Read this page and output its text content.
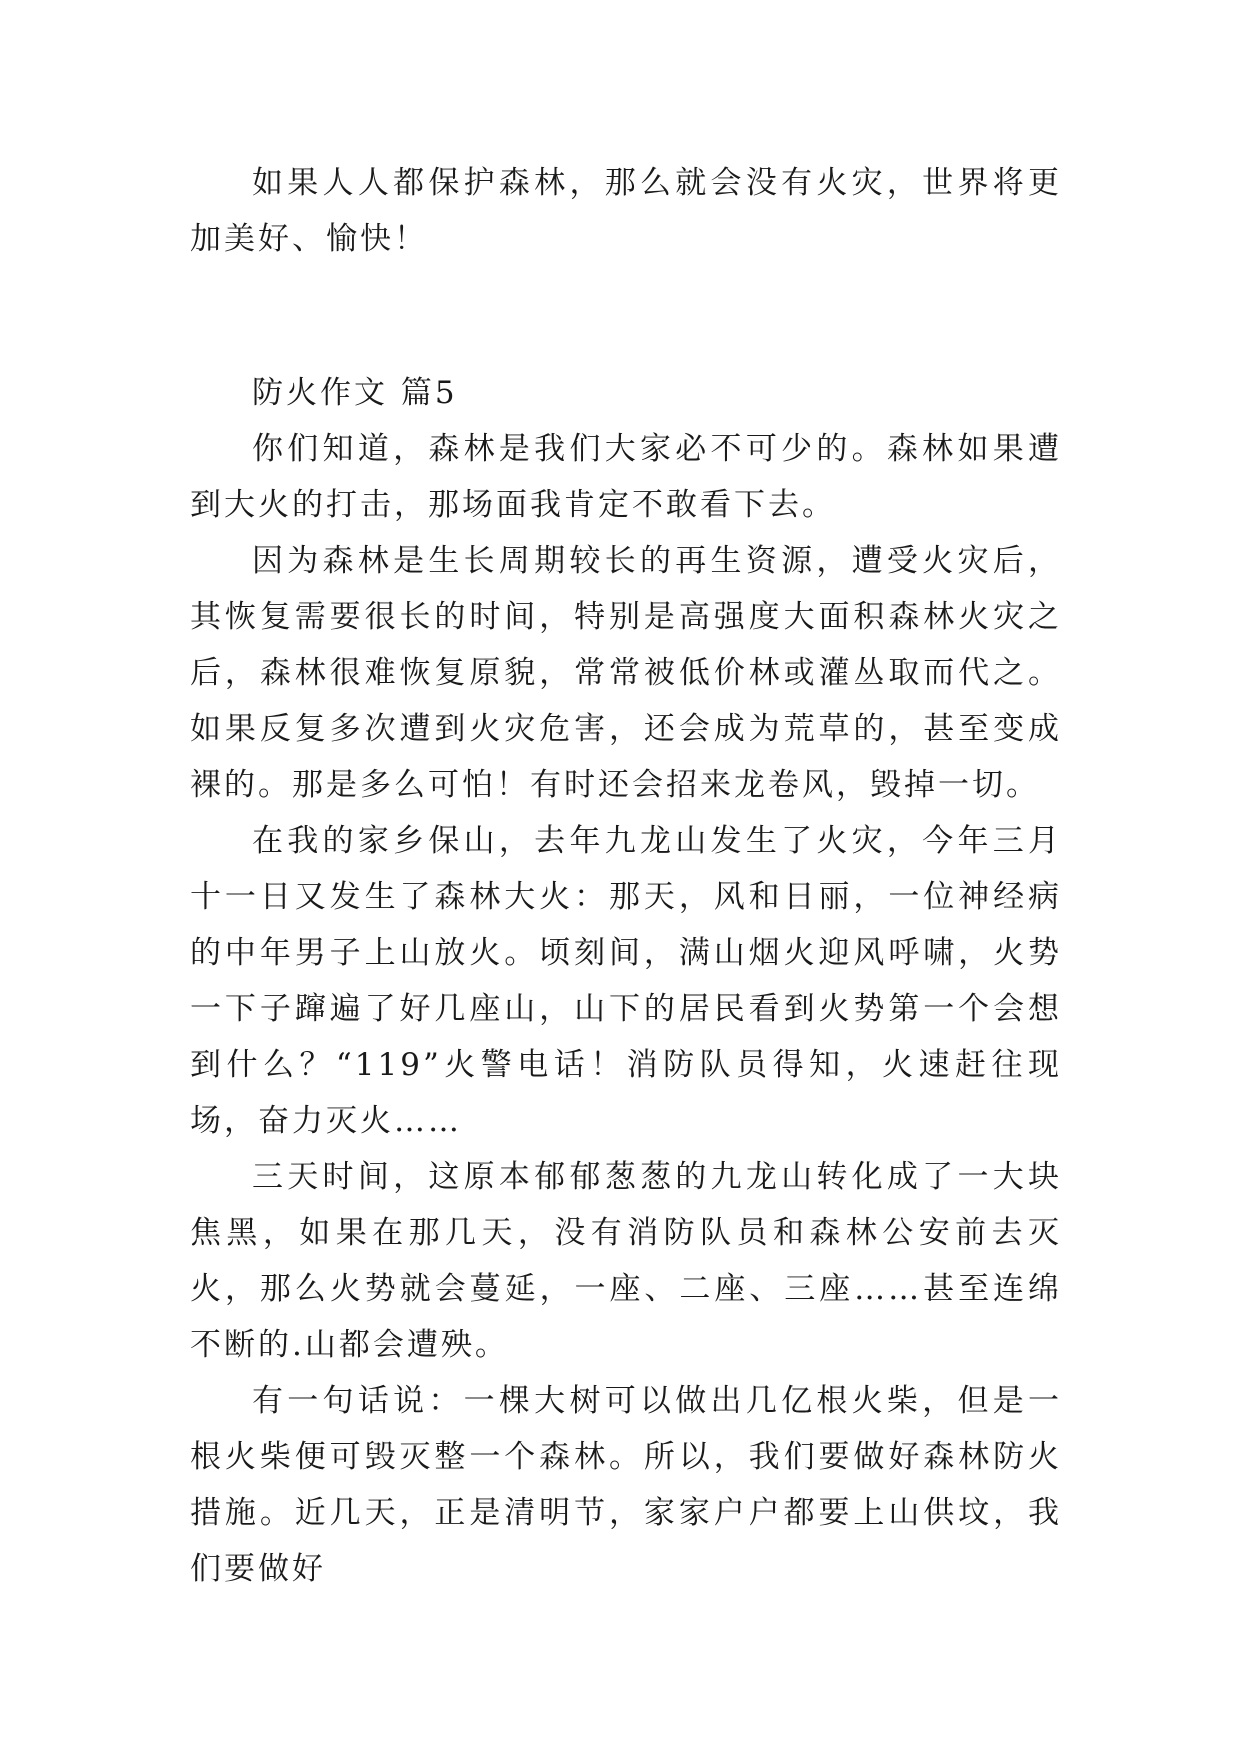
如果人人都保护森林，那么就会没有火灾，世界将更加美好、愉快！

防火作文 篇5

你们知道，森林是我们大家必不可少的。森林如果遭到大火的打击，那场面我肯定不敢看下去。

因为森林是生长周期较长的再生资源，遭受火灾后，其恢复需要很长的时间，特别是高强度大面积森林火灾之后，森林很难恢复原貌，常常被低价林或灌丛取而代之。如果反复多次遭到火灾危害，还会成为荒草的，甚至变成裸的。那是多么可怕！有时还会招来龙卷风，毁掉一切。

在我的家乡保山，去年九龙山发生了火灾，今年三月十一日又发生了森林大火：那天，风和日丽，一位神经病的中年男子上山放火。顷刻间，满山烟火迎风呼啸，火势一下子蹿遍了好几座山，山下的居民看到火势第一个会想到什么？“119”火警电话！消防队员得知，火速赶往现场，奋力灭火……

三天时间，这原本郁郁葱葱的九龙山转化成了一大块焦黑，如果在那几天，没有消防队员和森林公安前去灭火，那么火势就会蔓延，一座、二座、三座……甚至连绵不断的.山都会遭殃。

有一句话说：一棵大树可以做出几亿根火柴，但是一根火柴便可毁灭整一个森林。所以，我们要做好森林防火措施。近几天，正是清明节，家家户户都要上山供坟，我们要做好
